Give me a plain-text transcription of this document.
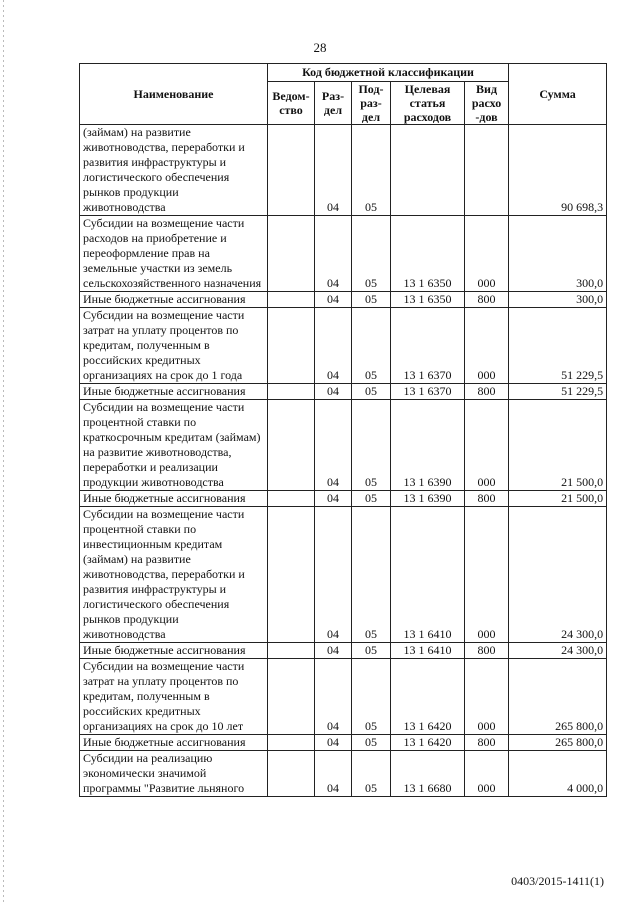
28
Наименование	Код бюджетной классификации					Сумма
	Ведом-ство	Раз-дел	Под-раз-дел	Целевая статья расходов	Вид расхо -дов	
(займам) на развитие животноводства, переработки и развития инфраструктуры и логистического обеспечения рынков продукции животноводства		04	05			90 698,3
Субсидии на возмещение части расходов на приобретение и переоформление прав на земельные участки из земель сельскохозяйственного назначения		04	05	13 1 6350	000	300,0
Иные бюджетные ассигнования		04	05	13 1 6350	800	300,0
Субсидии на возмещение части затрат на уплату процентов по кредитам, полученным в российских кредитных организациях на срок до 1 года		04	05	13 1 6370	000	51 229,5
Иные бюджетные ассигнования		04	05	13 1 6370	800	51 229,5
Субсидии на возмещение части процентной ставки по краткосрочным кредитам (займам) на развитие животноводства, переработки и реализации продукции животноводства		04	05	13 1 6390	000	21 500,0
Иные бюджетные ассигнования		04	05	13 1 6390	800	21 500,0
Субсидии на возмещение части процентной ставки по инвестиционным кредитам (займам) на развитие животноводства, переработки и развития инфраструктуры и логистического обеспечения рынков продукции животноводства		04	05	13 1 6410	000	24 300,0
Иные бюджетные ассигнования		04	05	13 1 6410	800	24 300,0
Субсидии на возмещение части затрат на уплату процентов по кредитам, полученным в российских кредитных организациях на срок до 10 лет		04	05	13 1 6420	000	265 800,0
Иные бюджетные ассигнования		04	05	13 1 6420	800	265 800,0
Субсидии на реализацию экономически значимой программы "Развитие льняного		04	05	13 1 6680	000	4 000,0
0403/2015-1411(1)
